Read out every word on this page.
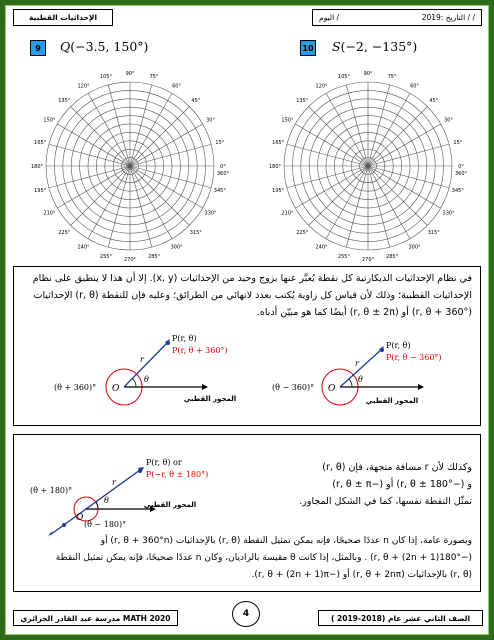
الإحداثيات القطبية	اليوم /	التاريخ :2019 / /
9 Q(−3.5, 150°)	10 S(−2, −135°)
0°
360°
15°
30°
45°
60°
75°
90°
105°
120°
135°
150°
165°
180°
195°
210°
225°
240°
255°
270°
285°
300°
315°
330°
345°
0°
360°
15°
30°
45°
60°
75°
90°
105°
120°
135°
150°
165°
180°
195°
210°
225°
240°
255°
270°
285°
300°
315°
330°
345°
في نظام الإحداثيات الديكارتية كل نقطة يُعبَّر عنها بزوج وحيد من الإحداثيات (x, y). إلا أن هذا لا ينطبق على نظام
الإحداثيات القطبية؛ وذلك لأن قياس كل زاوية يُكتب بعدد لانهائي من الطرائق؛ وعليه فإن للنقطة (r, θ) الإحداثيات
(r, θ + 360°) أو (r, θ ± 2π) أيضًا كما هو مبيّن أدناه.
θ
r
O
P(r, θ)
P(r, θ + 360°)
(θ + 360)°
المحور القطبي
θ
r
O
P(r, θ)
P(r, θ − 360°)
(θ − 360)°
المحور القطبي
θ
r
O
P(r, θ) or
P(−r, θ ± 180°)
(θ + 180)°
(θ − 180)°
المحور القطبي
وكذلك لأن r مسافة متجهة، فإن (r, θ)
و (−r, θ ± 180°) أو (−r, θ ± π)
تمثّل النقطة نفسها، كما في الشكل المجاور.
وبصورة عامة، إذا كان n عددًا صحيحًا، فإنه يمكن تمثيل النقطة (r, θ) بالإحداثيات (r, θ + 360°n) أو
(−r, θ + (2n + 1)180°) . وبالمثل، إذا كانت θ مقيسة بالراديان، وكان n عددًا صحيحًا، فإنه يمكن تمثيل النقطة
(r, θ) بالإحداثيات (r, θ + 2nπ) أو (−r, θ + (2n + 1)π).
مدرسة عبد القادر الجزائري MATH 2020	4	الصف الثاني عشر عام (2018-2019 )
